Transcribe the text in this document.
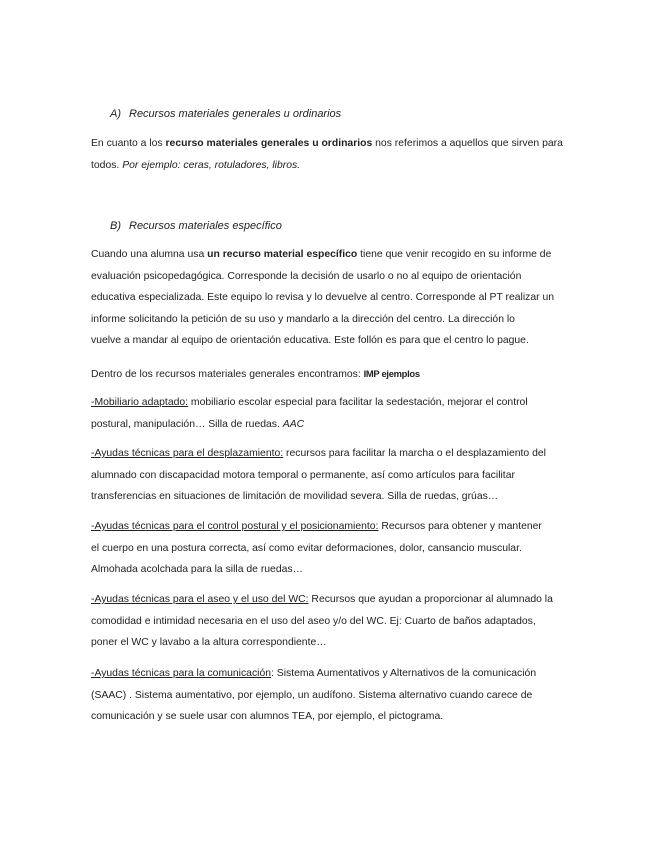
A) Recursos materiales generales u ordinarios
En cuanto a los recurso materiales generales u ordinarios nos referimos a aquellos que sirven para
todos. Por ejemplo: ceras, rotuladores, libros.
B) Recursos materiales específico
Cuando una alumna usa un recurso material específico tiene que venir recogido en su informe de
evaluación psicopedagógica. Corresponde la decisión de usarlo o no al equipo de orientación
educativa especializada. Este equipo lo revisa y lo devuelve al centro. Corresponde al PT realizar un
informe solicitando la petición de su uso y mandarlo a la dirección del centro. La dirección lo
vuelve a mandar al equipo de orientación educativa. Este follón es para que el centro lo pague.
Dentro de los recursos materiales generales encontramos: IMP ejemplos
-Mobiliario adaptado: mobiliario escolar especial para facilitar la sedestación, mejorar el control
postural, manipulación… Silla de ruedas. AAC
-Ayudas técnicas para el desplazamiento: recursos para facilitar la marcha o el desplazamiento del
alumnado con discapacidad motora temporal o permanente, así como artículos para facilitar
transferencias en situaciones de limitación de movilidad severa. Silla de ruedas, grúas…
-Ayudas técnicas para el control postural y el posicionamiento: Recursos para obtener y mantener
el cuerpo en una postura correcta, así como evitar deformaciones, dolor, cansancio muscular.
Almohada acolchada para la silla de ruedas…
-Ayudas técnicas para el aseo y el uso del WC: Recursos que ayudan a proporcionar al alumnado la
comodidad e intimidad necesaria en el uso del aseo y/o del WC. Ej: Cuarto de baños adaptados,
poner el WC y lavabo a la altura correspondiente…
-Ayudas técnicas para la comunicación: Sistema Aumentativos y Alternativos de la comunicación
(SAAC) . Sistema aumentativo, por ejemplo, un audífono. Sistema alternativo cuando carece de
comunicación y se suele usar con alumnos TEA, por ejemplo, el pictograma.
